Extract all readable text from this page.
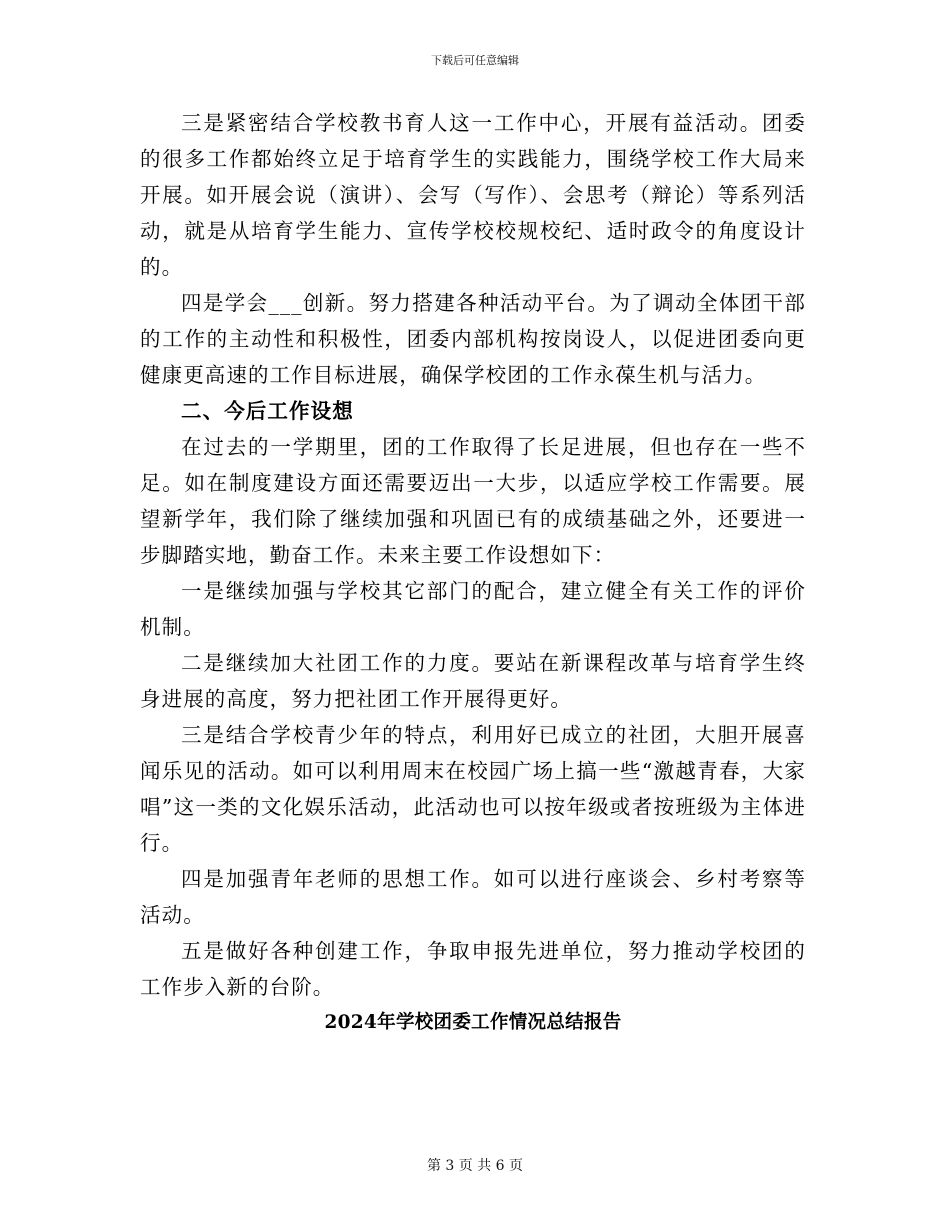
下载后可任意编辑

三是紧密结合学校教书育人这一工作中心，开展有益活动。团委的很多工作都始终立足于培育学生的实践能力，围绕学校工作大局来开展。如开展会说（演讲）、会写（写作）、会思考（辩论）等系列活动，就是从培育学生能力、宣传学校校规校纪、适时政令的角度设计的。

四是学会___创新。努力搭建各种活动平台。为了调动全体团干部的工作的主动性和积极性，团委内部机构按岗设人，以促进团委向更健康更高速的工作目标进展，确保学校团的工作永葆生机与活力。

二、今后工作设想

在过去的一学期里，团的工作取得了长足进展，但也存在一些不足。如在制度建设方面还需要迈出一大步，以适应学校工作需要。展望新学年，我们除了继续加强和巩固已有的成绩基础之外，还要进一步脚踏实地，勤奋工作。未来主要工作设想如下：

一是继续加强与学校其它部门的配合，建立健全有关工作的评价机制。

二是继续加大社团工作的力度。要站在新课程改革与培育学生终身进展的高度，努力把社团工作开展得更好。

三是结合学校青少年的特点，利用好已成立的社团，大胆开展喜闻乐见的活动。如可以利用周末在校园广场上搞一些“激越青春，大家唱”这一类的文化娱乐活动，此活动也可以按年级或者按班级为主体进行。

四是加强青年老师的思想工作。如可以进行座谈会、乡村考察等活动。

五是做好各种创建工作，争取申报先进单位，努力推动学校团的工作步入新的台阶。

2024年学校团委工作情况总结报告

第 3 页 共 6 页
